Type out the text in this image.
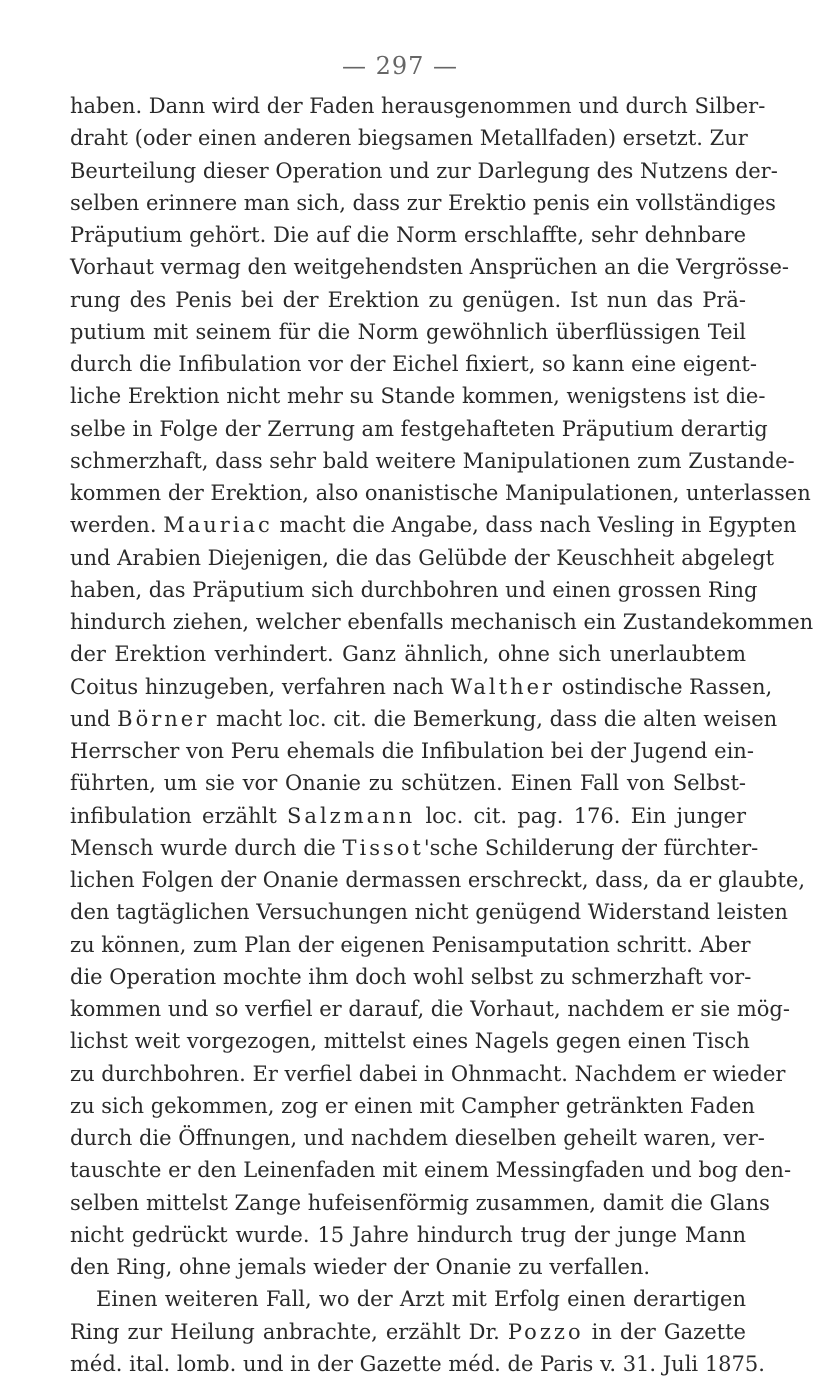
— 297 —
haben. Dann wird der Faden herausgenommen und durch Silber-
draht (oder einen anderen biegsamen Metallfaden) ersetzt. Zur
Beurteilung dieser Operation und zur Darlegung des Nutzens der-
selben erinnere man sich, dass zur Erektio penis ein vollständiges
Präputium gehört. Die auf die Norm erschlaffte, sehr dehnbare
Vorhaut vermag den weitgehendsten Ansprüchen an die Vergrösse-
rung des Penis bei der Erektion zu genügen. Ist nun das Prä-
putium mit seinem für die Norm gewöhnlich überflüssigen Teil
durch die Infibulation vor der Eichel fixiert, so kann eine eigent-
liche Erektion nicht mehr su Stande kommen, wenigstens ist die-
selbe in Folge der Zerrung am festgehafteten Präputium derartig
schmerzhaft, dass sehr bald weitere Manipulationen zum Zustande-
kommen der Erektion, also onanistische Manipulationen, unterlassen
werden. Mauriac macht die Angabe, dass nach Vesling in Egypten
und Arabien Diejenigen, die das Gelübde der Keuschheit abgelegt
haben, das Präputium sich durchbohren und einen grossen Ring
hindurch ziehen, welcher ebenfalls mechanisch ein Zustandekommen
der Erektion verhindert. Ganz ähnlich, ohne sich unerlaubtem
Coitus hinzugeben, verfahren nach Walther ostindische Rassen,
und Börner macht loc. cit. die Bemerkung, dass die alten weisen
Herrscher von Peru ehemals die Infibulation bei der Jugend ein-
führten, um sie vor Onanie zu schützen. Einen Fall von Selbst-
infibulation erzählt Salzmann loc. cit. pag. 176. Ein junger
Mensch wurde durch die Tissot'sche Schilderung der fürchter-
lichen Folgen der Onanie dermassen erschreckt, dass, da er glaubte,
den tagtäglichen Versuchungen nicht genügend Widerstand leisten
zu können, zum Plan der eigenen Penisamputation schritt. Aber
die Operation mochte ihm doch wohl selbst zu schmerzhaft vor-
kommen und so verfiel er darauf, die Vorhaut, nachdem er sie mög-
lichst weit vorgezogen, mittelst eines Nagels gegen einen Tisch
zu durchbohren. Er verfiel dabei in Ohnmacht. Nachdem er wieder
zu sich gekommen, zog er einen mit Campher getränkten Faden
durch die Öffnungen, und nachdem dieselben geheilt waren, ver-
tauschte er den Leinenfaden mit einem Messingfaden und bog den-
selben mittelst Zange hufeisenförmig zusammen, damit die Glans
nicht gedrückt wurde. 15 Jahre hindurch trug der junge Mann
den Ring, ohne jemals wieder der Onanie zu verfallen.
Einen weiteren Fall, wo der Arzt mit Erfolg einen derartigen
Ring zur Heilung anbrachte, erzählt Dr. Pozzo in der Gazette
méd. ital. lomb. und in der Gazette méd. de Paris v. 31. Juli 1875.
